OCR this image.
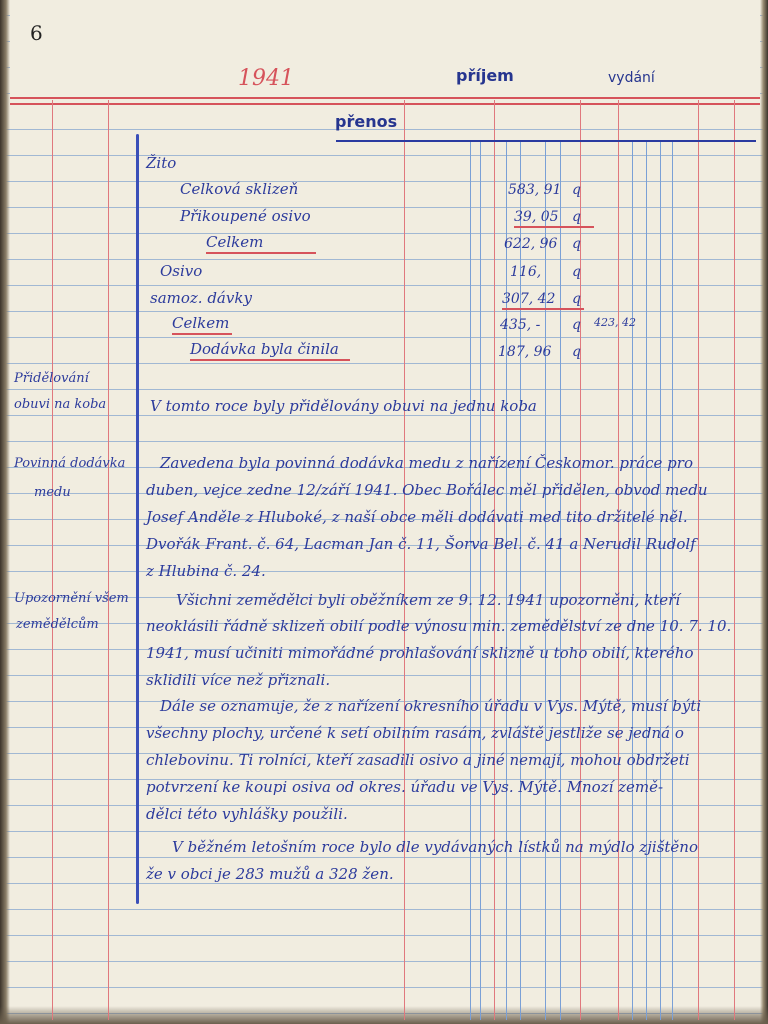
6
1941	příjem	vydání
přenos
Žito
Celková sklizeň	583, 91 q
Přikoupené osivo	39, 05 q
Celkem	622, 96 q
Osivo	116, q
samoz. dávky	307, 42	q
Celkem	435, - q 423, 42
Dodávka byla činila	187, 96 q
Přidělování
obuvi na koba	V tomto roce byly přidělovány obuvi na jednu koba
Povinná dodávka
medu
Zavedena byla povinná dodávka medu z nařízení Českomor. práce pro
duben, vejce zedne 12/září 1941. Obec Bořálec měl přidělen, obvod medu
Josef Anděle z Hluboké, z naší obce měli dodávati med tito držitelé něl.
Dvořák Frant. č. 64, Lacman Jan č. 11, Šorva Bel. č. 41 a Nerudil Rudolf
z Hlubina č. 24.
Upozornění všem
zemědělcům
Všichni zemědělci byli oběžníkem ze 9. 12. 1941 upozorněni, kteří
neoklásili řádně sklizeň obilí podle výnosu min. zemědělství ze dne 10. 7. 10.
1941, musí učiniti mimořádné prohlašování sklizně u toho obilí, kterého
sklidili více než přiznali.
Dále se oznamuje, že z nařízení okresního úřadu v Vys. Mýtě, musí býti
všechny plochy, určené k setí obilním rasám, zvláště jestliže se jedná o
chlebovinu. Ti rolníci, kteří zasadili osivo a jiné nemají, mohou obdržeti
potvrzení ke koupi osiva od okres. úřadu ve Vys. Mýtě. Mnozí země-
dělci této vyhlášky použili.
V běžném letošním roce bylo dle vydávaných lístků na mýdlo zjištěno
že v obci je 283 mužů a 328 žen.
